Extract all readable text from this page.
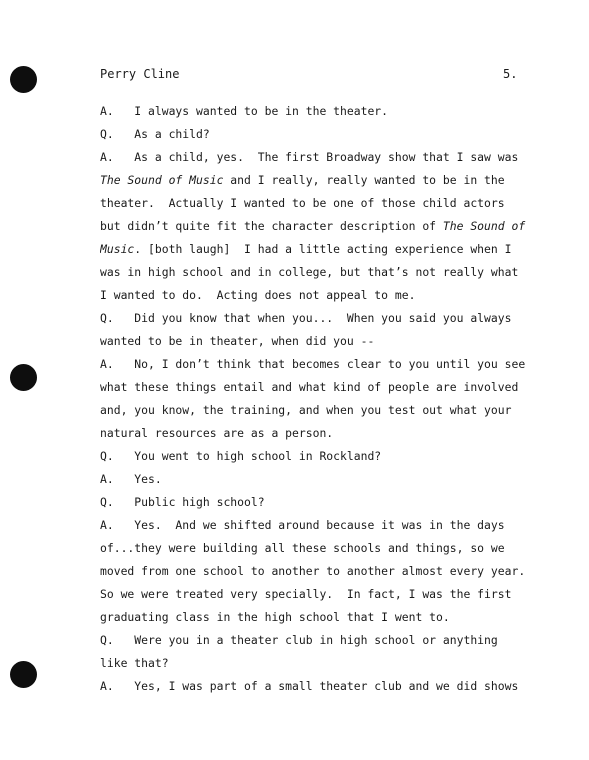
Perry Cline	5.
A.   I always wanted to be in the theater.
Q.   As a child?
A.   As a child, yes.  The first Broadway show that I saw was
The Sound of Music and I really, really wanted to be in the
theater.  Actually I wanted to be one of those child actors
but didn’t quite fit the character description of The Sound of
Music. [both laugh]  I had a little acting experience when I
was in high school and in college, but that’s not really what
I wanted to do.  Acting does not appeal to me.
Q.   Did you know that when you...  When you said you always
wanted to be in theater, when did you --
A.   No, I don’t think that becomes clear to you until you see
what these things entail and what kind of people are involved
and, you know, the training, and when you test out what your
natural resources are as a person.
Q.   You went to high school in Rockland?
A.   Yes.
Q.   Public high school?
A.   Yes.  And we shifted around because it was in the days
of...they were building all these schools and things, so we
moved from one school to another to another almost every year.
So we were treated very specially.  In fact, I was the first
graduating class in the high school that I went to.
Q.   Were you in a theater club in high school or anything
like that?
A.   Yes, I was part of a small theater club and we did shows
